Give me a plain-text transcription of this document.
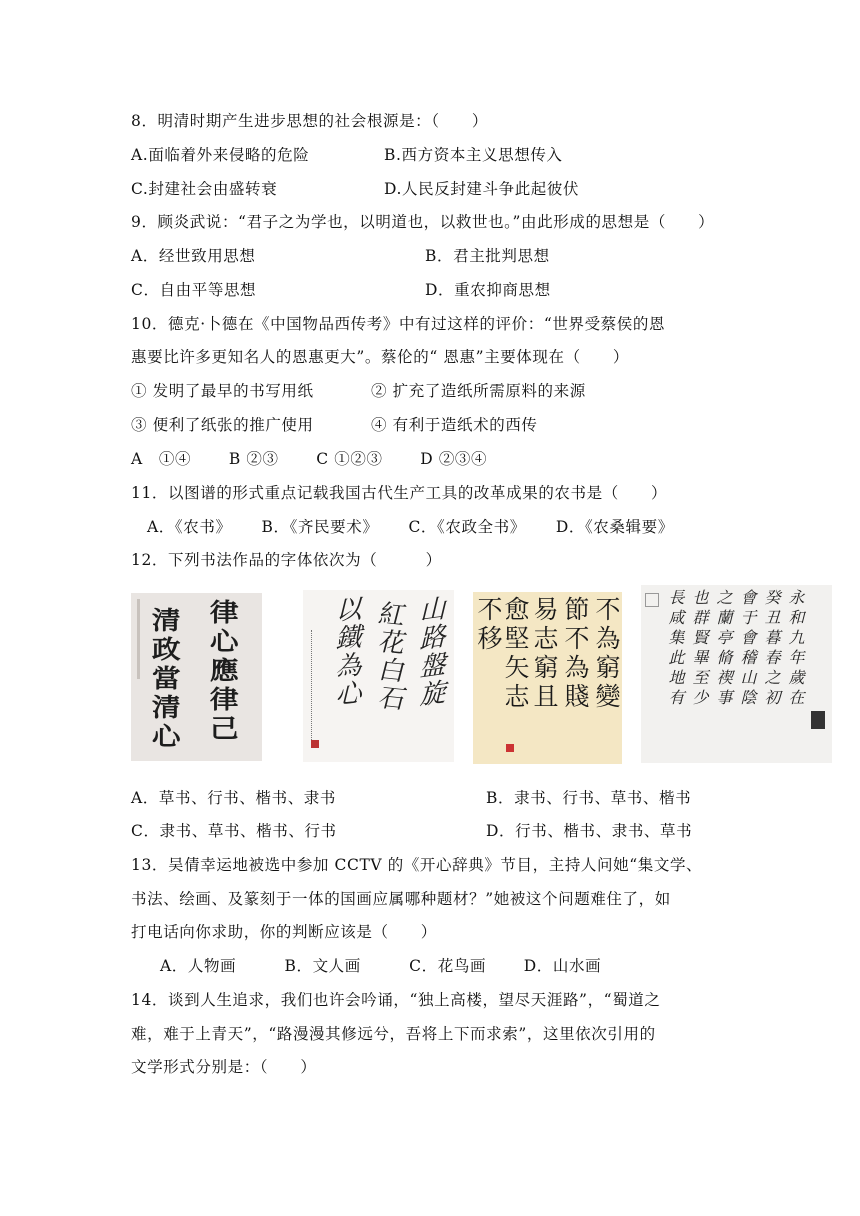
8．明清时期产生进步思想的社会根源是：（　　）
A.面临着外来侵略的危险	B.西方资本主义思想传入
C.封建社会由盛转衰	D.人民反封建斗争此起彼伏
9．顾炎武说：“君子之为学也，以明道也，以救世也。”由此形成的思想是（　　）
A．经世致用思想	B．君主批判思想
C．自由平等思想	D．重农抑商思想
10．德克·卜德在《中国物品西传考》中有过这样的评价：“世界受蔡侯的恩
惠要比许多更知名人的恩惠更大”。蔡伦的“ 恩惠”主要体现在（　　）
① 发明了最早的书写用纸	② 扩充了造纸所需原料的来源
③ 便利了纸张的推广使用	④ 有利于造纸术的西传
A　①④　　 B ②③　　 C ①②③　　 D ②③④
11．以图谱的形式重点记载我国古代生产工具的改革成果的农书是（　　）
A．《农书》　　 B．《齐民要术》　　 C．《农政全书》　　 D．《农桑辑要》
12．下列书法作品的字体依次为（　　　）
律心應律己
清政當清心	山路盤旋
紅花白石
以鐵為心	不為窮變
節不為賤
易志窮且
愈堅矢志
不移	永和九年歲在
癸丑暮春之初
會于會稽山陰
之蘭亭脩禊事
也群賢畢至少
長咸集此地有
A．草书、行书、楷书、隶书	B．隶书、行书、草书、楷书
C．隶书、草书、楷书、行书	D．行书、楷书、隶书、草书
13．吴倩幸运地被选中参加 CCTV 的《开心辞典》节目，主持人问她“集文学、
书法、绘画、及篆刻于一体的国画应属哪种题材？”她被这个问题难住了，如
打电话向你求助，你的判断应该是（　　）
A．人物画　　　B．文人画　　　C．花鸟画　　 D．山水画
14．谈到人生追求，我们也许会吟诵，“独上高楼，望尽天涯路”，“蜀道之
难，难于上青天”，“路漫漫其修远兮，吾将上下而求索”，这里依次引用的
文学形式分别是：（　　）
